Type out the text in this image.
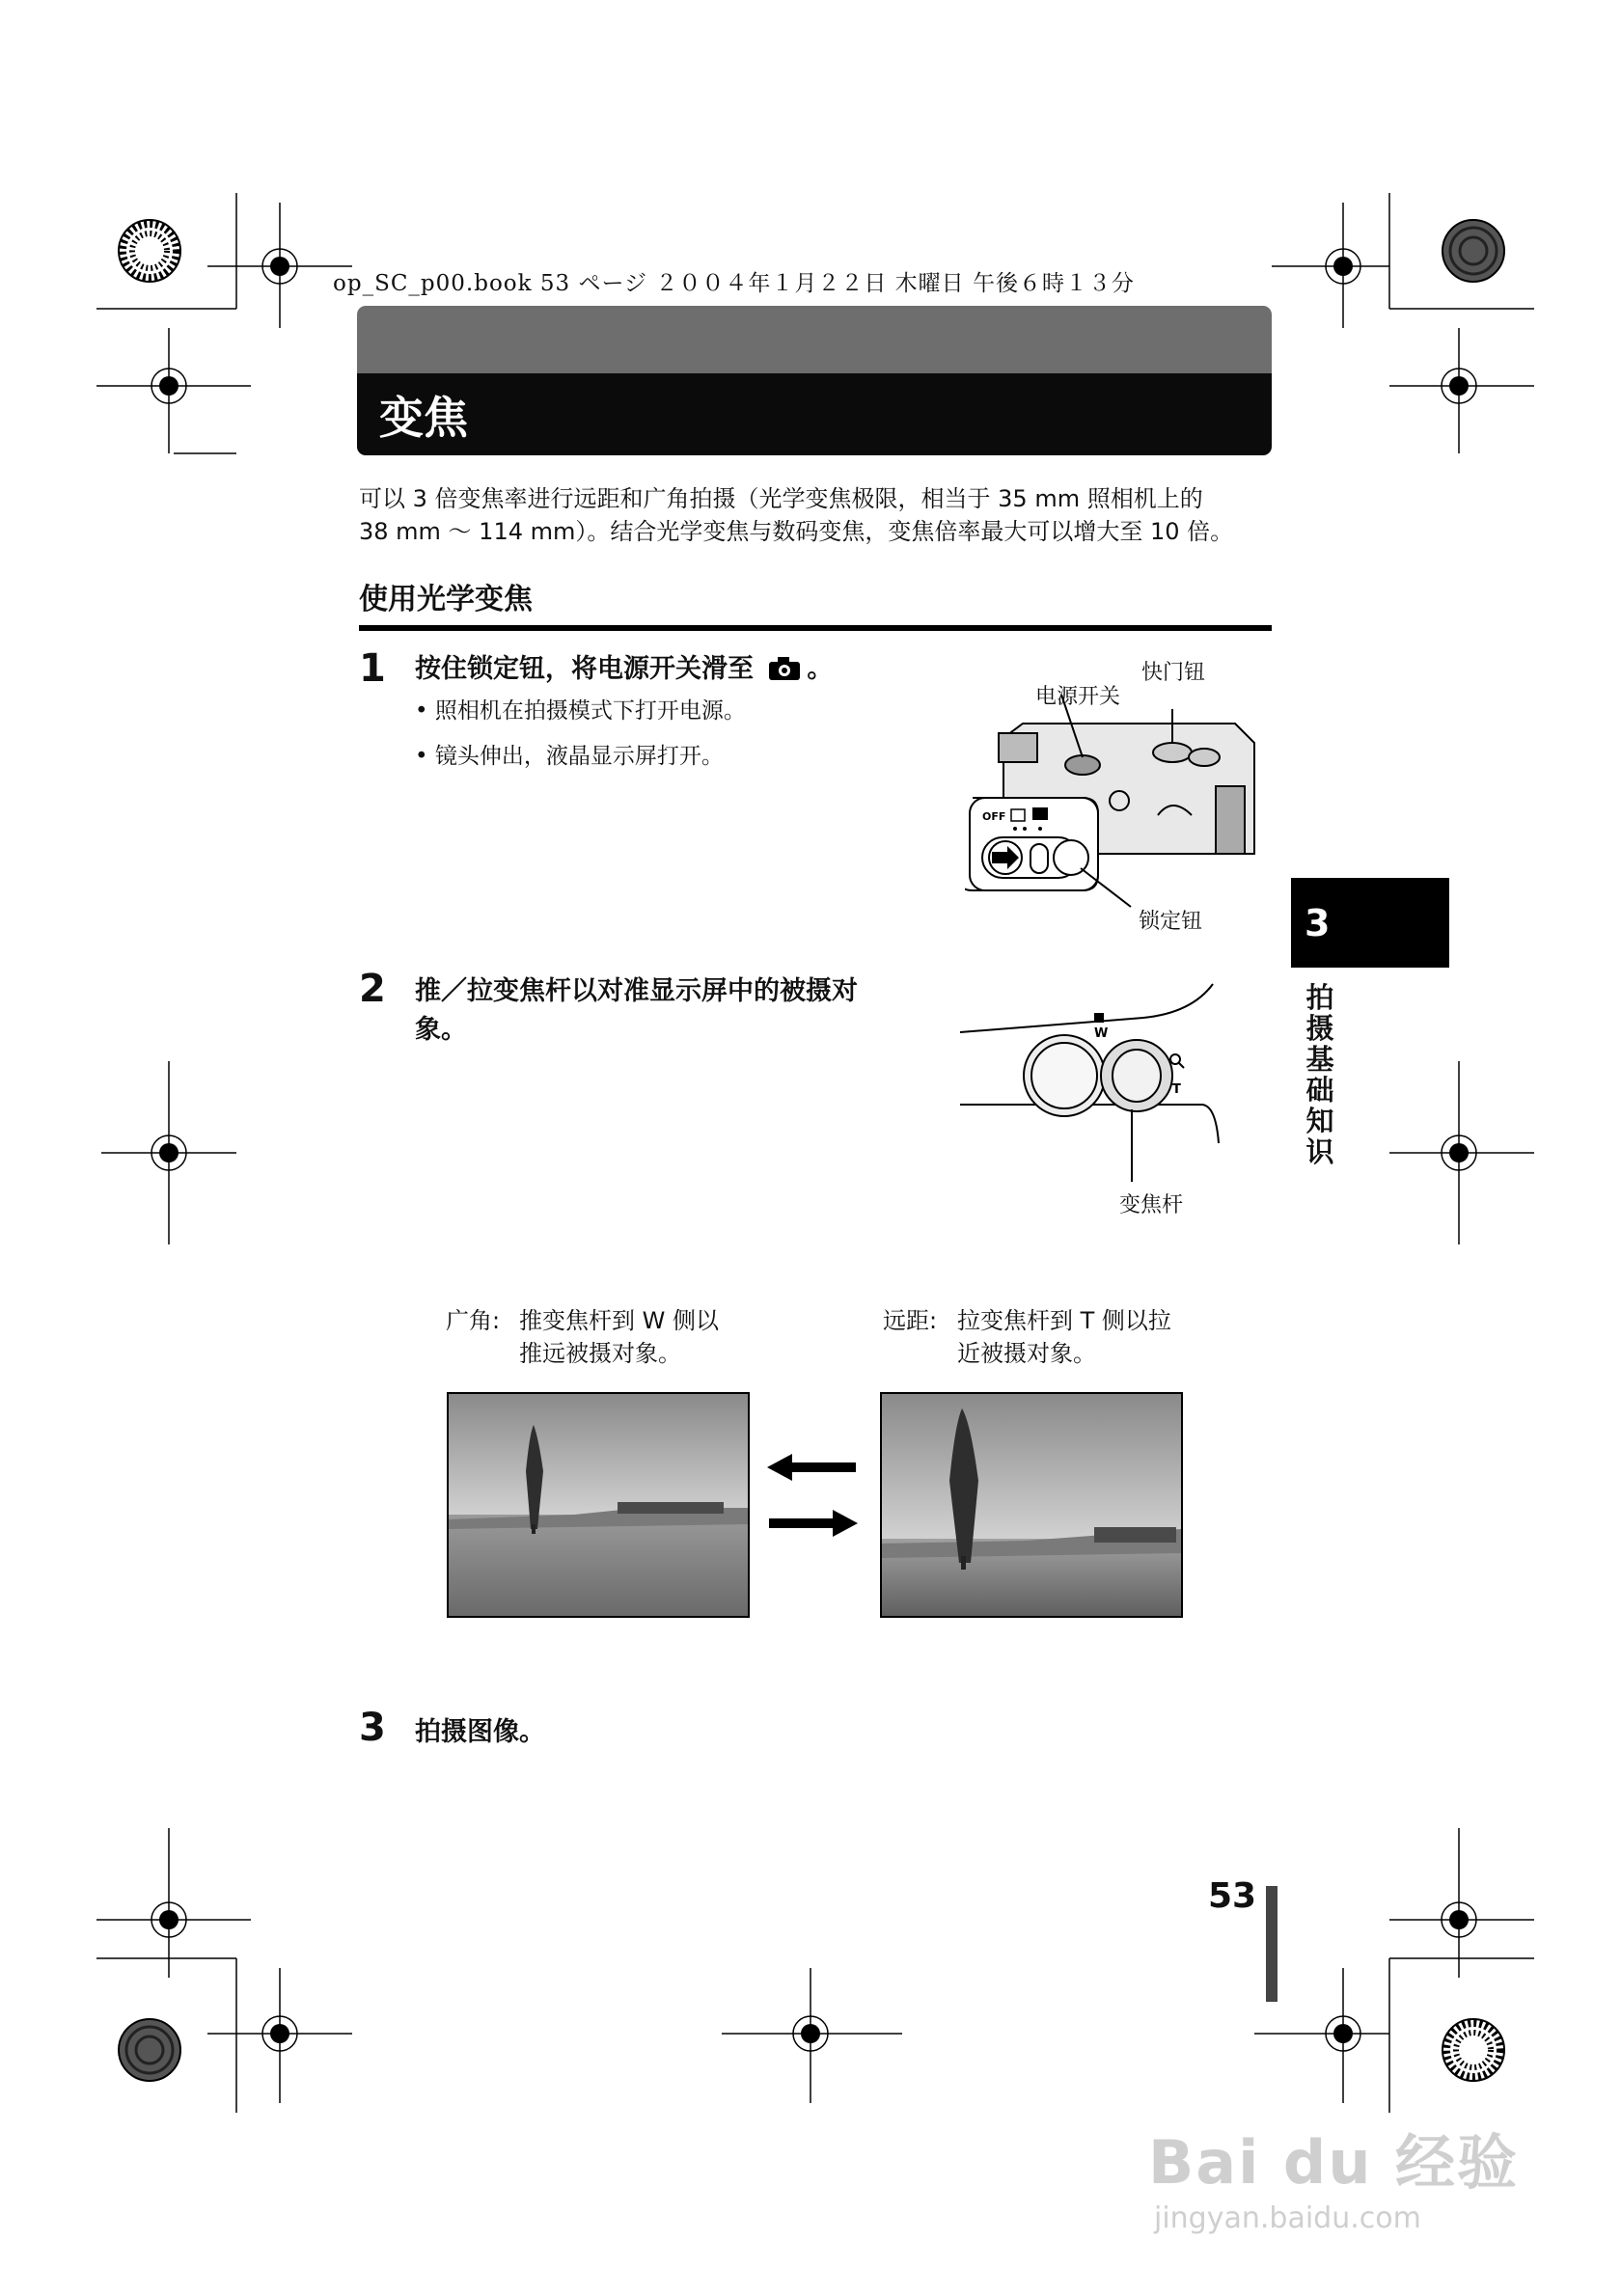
op_SC_p00.book 53 ページ ２００４年１月２２日 木曜日 午後６時１３分
变焦
可以 3 倍变焦率进行远距和广角拍摄（光学变焦极限，相当于 35 mm 照相机上的
38 mm ～ 114 mm）。结合光学变焦与数码变焦，变焦倍率最大可以增大至 10 倍。
使用光学变焦
1 按住锁定钮，将电源开关滑至 。
• 照相机在拍摄模式下打开电源。
• 镜头伸出，液晶显示屏打开。
快门钮
电源开关
锁定钮
OFF
2 推／拉变焦杆以对准显示屏中的被摄对
象。	W
T
变焦杆
3
拍摄基础知识
广角: 推变焦杆到 W 侧以
推远被摄对象。
远距: 拉变焦杆到 T 侧以拉
近被摄对象。
3 拍摄图像。
53
Bai du 经验
jingyan.baidu.com
